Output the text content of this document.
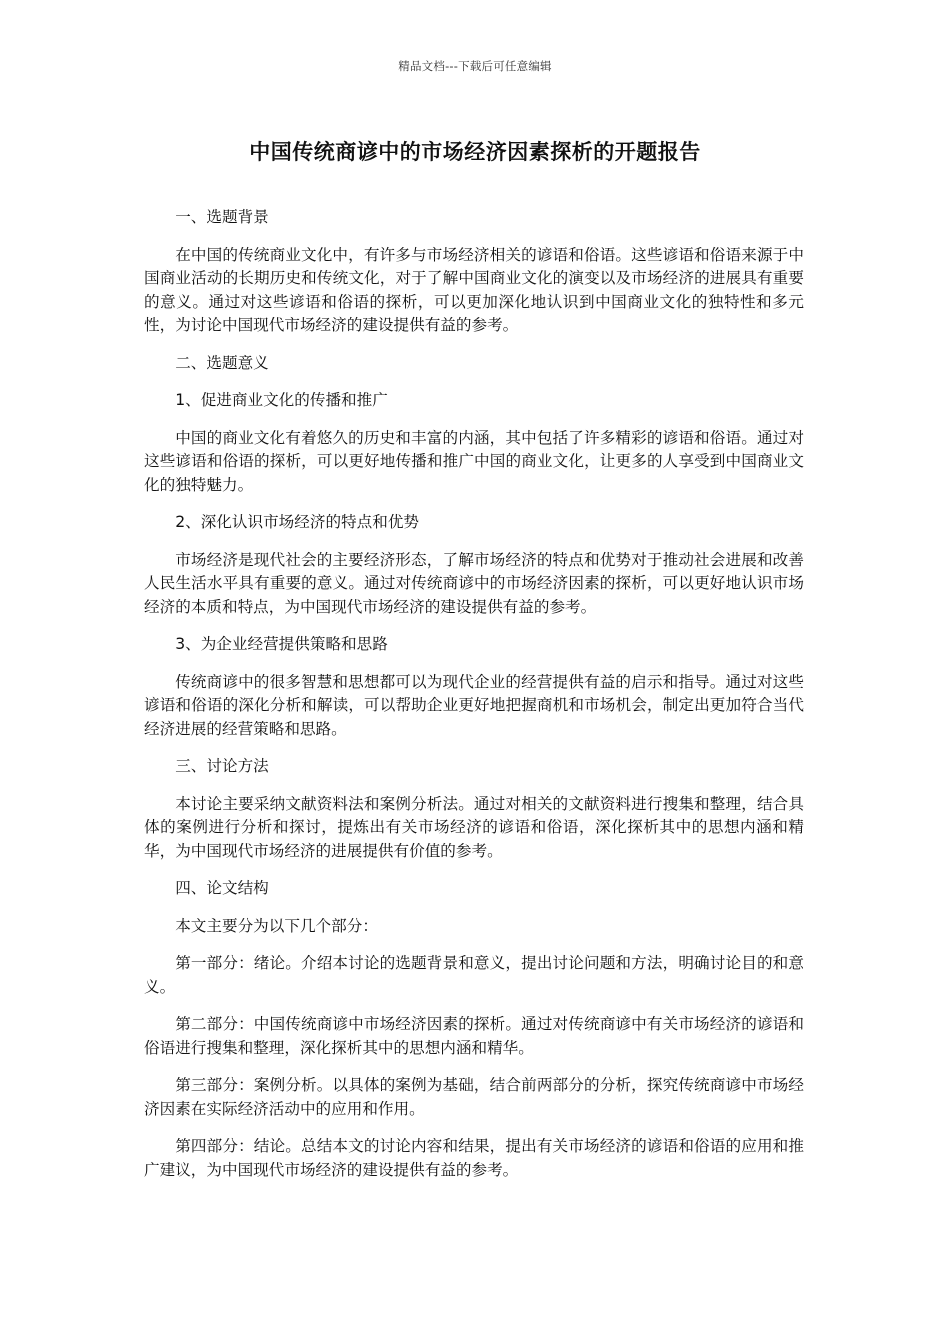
精品文档---下载后可任意编辑
中国传统商谚中的市场经济因素探析的开题报告
一、选题背景
在中国的传统商业文化中，有许多与市场经济相关的谚语和俗语。这些谚语和俗语来源于中国商业活动的长期历史和传统文化，对于了解中国商业文化的演变以及市场经济的进展具有重要的意义。通过对这些谚语和俗语的探析，可以更加深化地认识到中国商业文化的独特性和多元性，为讨论中国现代市场经济的建设提供有益的参考。
二、选题意义
1、促进商业文化的传播和推广
中国的商业文化有着悠久的历史和丰富的内涵，其中包括了许多精彩的谚语和俗语。通过对这些谚语和俗语的探析，可以更好地传播和推广中国的商业文化，让更多的人享受到中国商业文化的独特魅力。
2、深化认识市场经济的特点和优势
市场经济是现代社会的主要经济形态，了解市场经济的特点和优势对于推动社会进展和改善人民生活水平具有重要的意义。通过对传统商谚中的市场经济因素的探析，可以更好地认识市场经济的本质和特点，为中国现代市场经济的建设提供有益的参考。
3、为企业经营提供策略和思路
传统商谚中的很多智慧和思想都可以为现代企业的经营提供有益的启示和指导。通过对这些谚语和俗语的深化分析和解读，可以帮助企业更好地把握商机和市场机会，制定出更加符合当代经济进展的经营策略和思路。
三、讨论方法
本讨论主要采纳文献资料法和案例分析法。通过对相关的文献资料进行搜集和整理，结合具体的案例进行分析和探讨，提炼出有关市场经济的谚语和俗语，深化探析其中的思想内涵和精华，为中国现代市场经济的进展提供有价值的参考。
四、论文结构
本文主要分为以下几个部分：
第一部分：绪论。介绍本讨论的选题背景和意义，提出讨论问题和方法，明确讨论目的和意义。
第二部分：中国传统商谚中市场经济因素的探析。通过对传统商谚中有关市场经济的谚语和俗语进行搜集和整理，深化探析其中的思想内涵和精华。
第三部分：案例分析。以具体的案例为基础，结合前两部分的分析，探究传统商谚中市场经济因素在实际经济活动中的应用和作用。
第四部分：结论。总结本文的讨论内容和结果，提出有关市场经济的谚语和俗语的应用和推广建议，为中国现代市场经济的建设提供有益的参考。
